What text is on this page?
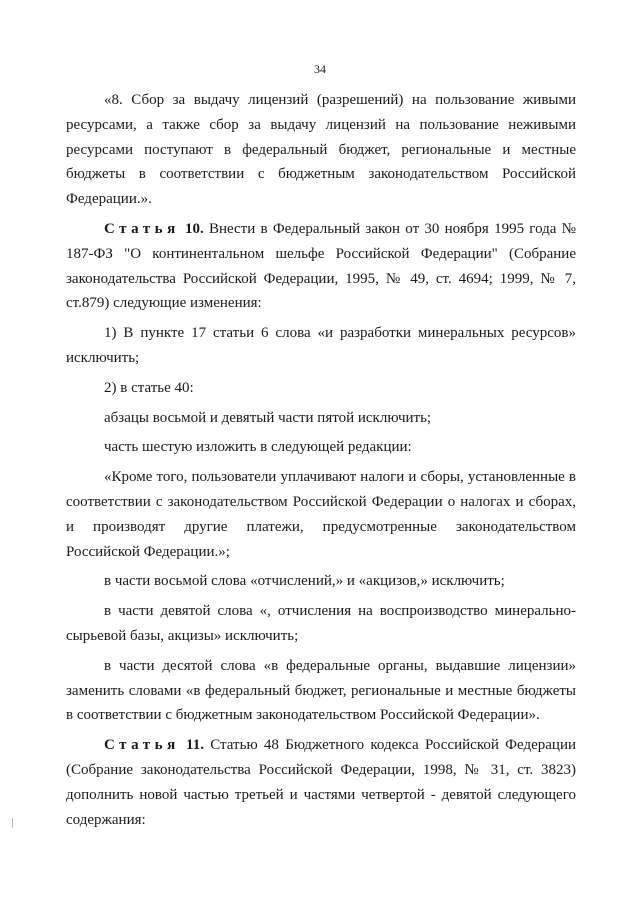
34

«8. Сбор за выдачу лицензий (разрешений) на пользование живыми ресурсами, а также сбор за выдачу лицензий на пользование неживыми ресурсами поступают в федеральный бюджет, региональные и местные бюджеты в соответствии с бюджетным законодательством Российской Федерации.».

Статья 10. Внести в Федеральный закон от 30 ноября 1995 года № 187-ФЗ "О континентальном шельфе Российской Федерации" (Собрание законодательства Российской Федерации, 1995, № 49, ст. 4694; 1999, № 7, ст.879) следующие изменения:

1) В пункте 17 статьи 6 слова «и разработки минеральных ресурсов» исключить;

2) в статье 40:

абзацы восьмой и девятый части пятой исключить;

часть шестую изложить в следующей редакции:

«Кроме того, пользователи уплачивают налоги и сборы, установленные в соответствии с законодательством Российской Федерации о налогах и сборах, и производят другие платежи, предусмотренные законодательством Российской Федерации.»;

в части восьмой слова «отчислений,» и «акцизов,» исключить;

в части девятой слова «, отчисления на воспроизводство минерально-сырьевой базы, акцизы» исключить;

в части десятой слова «в федеральные органы, выдавшие лицензии» заменить словами «в федеральный бюджет, региональные и местные бюджеты в соответствии с бюджетным законодательством Российской Федерации».

Статья 11. Статью 48 Бюджетного кодекса Российской Федерации (Собрание законодательства Российской Федерации, 1998, № 31, ст. 3823) дополнить новой частью третьей и частями четвертой - девятой следующего содержания:
